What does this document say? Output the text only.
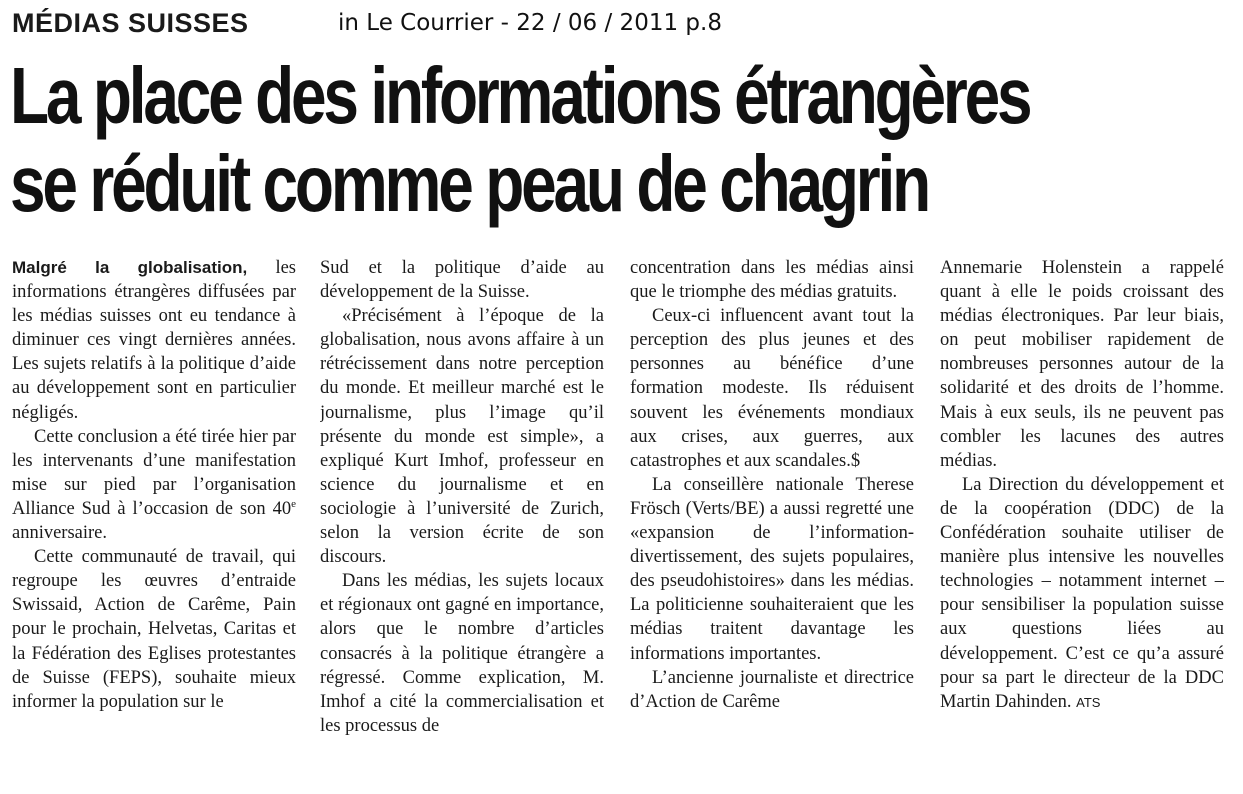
MÉDIAS SUISSES	in Le Courrier - 22 / 06 / 2011 p.8
La place des informations étrangères
se réduit comme peau de chagrin

Malgré la globalisation, les informations étrangères diffusées par les médias suisses ont eu tendance à diminuer ces vingt dernières années. Les sujets relatifs à la politique d’aide au développement sont en particulier négligés.

Cette conclusion a été tirée hier par les intervenants d’une manifestation mise sur pied par l’organisation Alliance Sud à l’occasion de son 40e anniversaire.

Cette communauté de travail, qui regroupe les œuvres d’entraide Swissaid, Action de Carême, Pain pour le prochain, Helvetas, Caritas et la Fédération des Eglises protestantes de Suisse (FEPS), souhaite mieux informer la population sur le

Sud et la politique d’aide au développement de la Suisse.

«Précisément à l’époque de la globalisation, nous avons affaire à un rétrécissement dans notre perception du monde. Et meilleur marché est le journalisme, plus l’image qu’il présente du monde est simple», a expliqué Kurt Imhof, professeur en science du journalisme et en sociologie à l’université de Zurich, selon la version écrite de son discours.

Dans les médias, les sujets locaux et régionaux ont gagné en importance, alors que le nombre d’articles consacrés à la politique étrangère a régressé. Comme explication, M. Imhof a cité la commercialisation et les processus de

concentration dans les médias ainsi que le triomphe des médias gratuits.

Ceux-ci influencent avant tout la perception des plus jeunes et des personnes au bénéfice d’une formation modeste. Ils réduisent souvent les événements mondiaux aux crises, aux guerres, aux catastrophes et aux scandales.$

La conseillère nationale Therese Frösch (Verts/BE) a aussi regretté une «expansion de l’information-divertissement, des sujets populaires, des pseudohistoires» dans les médias. La politicienne souhaiteraient que les médias traitent davantage les informations importantes.

L’ancienne journaliste et directrice d’Action de Carême

Annemarie Holenstein a rappelé quant à elle le poids croissant des médias électroniques. Par leur biais, on peut mobiliser rapidement de nombreuses personnes autour de la solidarité et des droits de l’homme. Mais à eux seuls, ils ne peuvent pas combler les lacunes des autres médias.

La Direction du développement et de la coopération (DDC) de la Confédération souhaite utiliser de manière plus intensive les nouvelles technologies – notamment internet – pour sensibiliser la population suisse aux questions liées au développement. C’est ce qu’a assuré pour sa part le directeur de la DDC Martin Dahinden. ATS
